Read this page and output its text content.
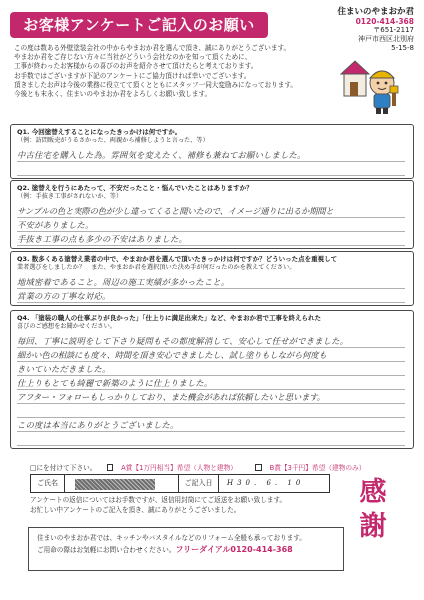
お客様アンケートご記入のお願い
住まいのやまおか君
0120-414-368
〒651-2117
神戸市西区北別府
5-15-8
この度は数ある外壁塗装会社の中からやまおか君を選んで頂き、誠にありがとうございます。
やまおか君をご存じない方々に当社がどういう会社なのかを知って頂くために、
工事が終わったお客様からの喜びのお声を紹介させて頂けたらと考えております。
お手数ではございますが下記のアンケートにご協力頂ければ幸いでございます。
頂きましたお声は今後の業務に役立てて頂くとともにスタッフ一同大変励みになっております。
今後とも末永く、住まいのやまおか君をよろしくお願い致します。
Q1. 今回塗替えすることになったきっかけは何ですか。
（例：訪問販売がうるさかった、両親から補修しようと言った、等）
中古住宅を購入した為。雰囲気を変えたく、補修も兼ねてお願いしました。

Q2. 塗替えを行うにあたって、不安だったこと・悩んでいたことはありますか？
（例：手抜き工事がされないか、等）
サンプルの色と実際の色が少し違ってくると聞いたので、イメージ通りに出るか期間と
不安がありました。
手抜き工事の点も多少の不安はありました。
Q3. 数多くある塗替え業者の中で、やまおか君を選んで頂いたきっかけは何ですか？どういった点を重視して
業者選びをしましたか？　また、やまおか君を選択頂いた決め手が何だったのかを教えてください。
地域密着であること。周辺の施工実績が多かったこと。
営業の方の丁寧な対応。
Q4. 「塗装の職人の仕事ぶりが良かった」「仕上りに満足出来た」など、やまおか君で工事を終えられた
喜びのご感想をお聞かせください。
毎回、丁寧に説明をして下さり疑問もその都度解消して、安心して任せができました。
細かい色の相談にも度々、時間を頂き安心できましたし、試し塗りもしながら何度も
きいていただきました。
仕上りもとても綺麗で新築のように仕上りました。
アフター・フォローもしっかりしており、また機会があれば依頼したいと思います。

この度は本当にありがとうございました。

□にを付けて下さい。	A賞【1万円相当】希望（人物と建物）	B賞【3千円】希望（建物のみ）
ご氏名	ご記入日	H30. 6. 10	感
謝
アンケートの返信についてはお手数ですが、返信用封筒にてご返送をお願い致します。
お忙しい中アンケートのご記入を頂き、誠にありがとうございました。
住まいのやまおか君では、キッチンやバスタイルなどのリフォーム全般も承っております。
ご用命の際はお気軽にお問い合わせください。フリーダイアル0120-414-368
